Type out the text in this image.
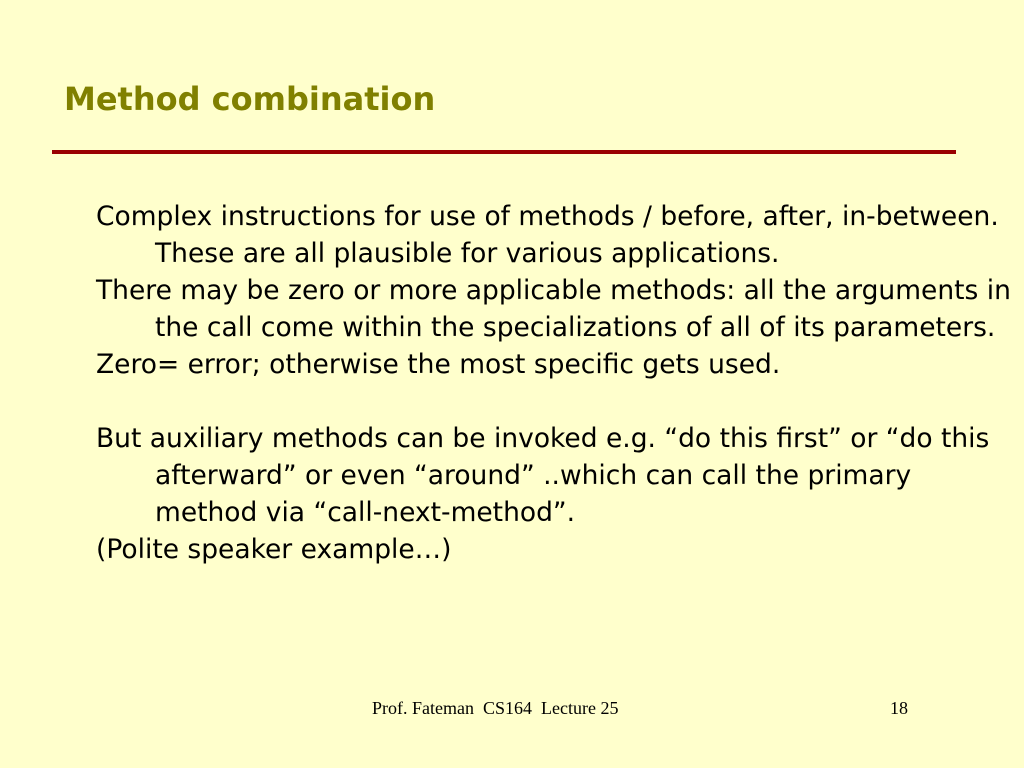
Method combination

Complex instructions for use of methods / before, after, in-between. These are all plausible for various applications.

There may be zero or more applicable methods: all the arguments in the call come within the specializations of all of its parameters.

Zero= error; otherwise the most specific gets used.

But auxiliary methods can be invoked e.g. “do this first” or “do this afterward” or even “around” ..which can call the primary method via “call-next-method”.

(Polite speaker example…)

Prof. Fateman  CS164  Lecture 25	18
